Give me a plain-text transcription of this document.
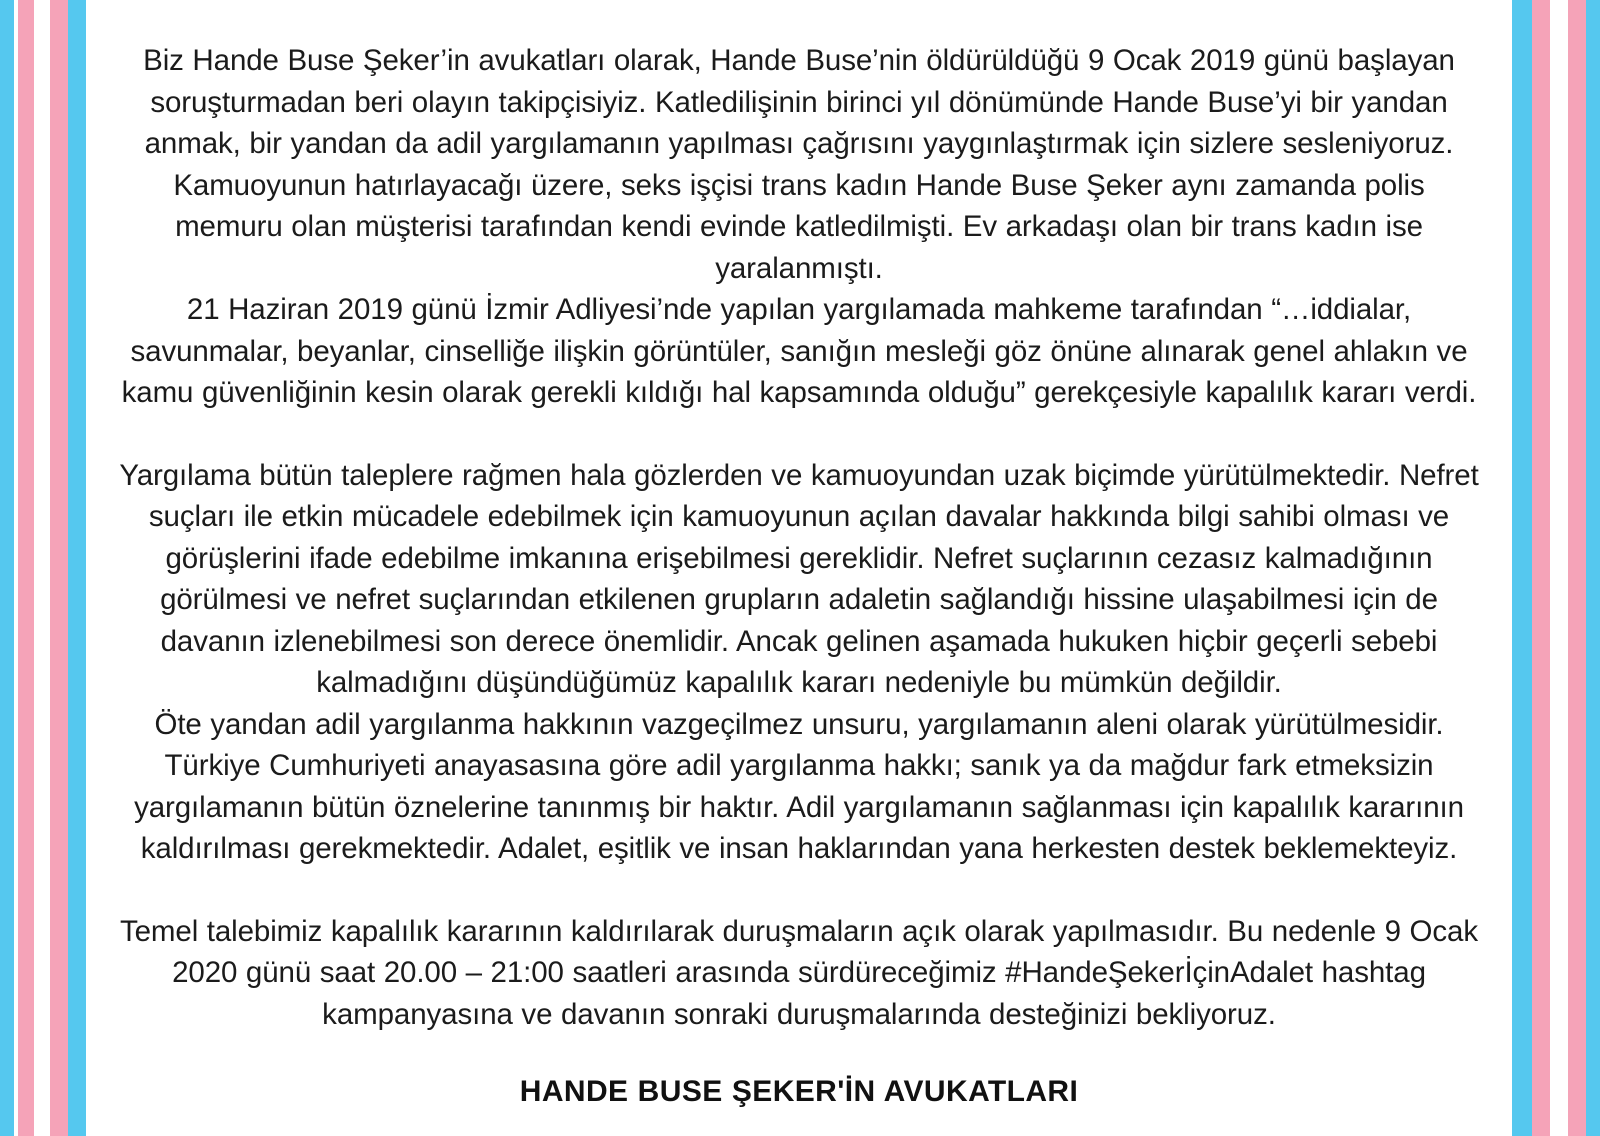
Biz Hande Buse Şeker’in avukatları olarak, Hande Buse’nin öldürüldüğü 9 Ocak 2019 günü başlayan soruşturmadan beri olayın takipçisiyiz. Katledilişinin birinci yıl dönümünde Hande Buse’yi bir yandan anmak, bir yandan da adil yargılamanın yapılması çağrısını yaygınlaştırmak için sizlere sesleniyoruz.
Kamuoyunun hatırlayacağı üzere, seks işçisi trans kadın Hande Buse Şeker aynı zamanda polis memuru olan müşterisi tarafından kendi evinde katledilmişti. Ev arkadaşı olan bir trans kadın ise yaralanmıştı.
21 Haziran 2019 günü İzmir Adliyesi’nde yapılan yargılamada mahkeme tarafından “…iddialar, savunmalar, beyanlar, cinselliğe ilişkin görüntüler, sanığın mesleği göz önüne alınarak genel ahlakın ve kamu güvenliğinin kesin olarak gerekli kıldığı hal kapsamında olduğu” gerekçesiyle kapalılık kararı verdi.

Yargılama bütün taleplere rağmen hala gözlerden ve kamuoyundan uzak biçimde yürütülmektedir. Nefret suçları ile etkin mücadele edebilmek için kamuoyunun açılan davalar hakkında bilgi sahibi olması ve görüşlerini ifade edebilme imkanına erişebilmesi gereklidir. Nefret suçlarının cezasız kalmadığının görülmesi ve nefret suçlarından etkilenen grupların adaletin sağlandığı hissine ulaşabilmesi için de davanın izlenebilmesi son derece önemlidir. Ancak gelinen aşamada hukuken hiçbir geçerli sebebi kalmadığını düşündüğümüz kapalılık kararı nedeniyle bu mümkün değildir.
Öte yandan adil yargılanma hakkının vazgeçilmez unsuru, yargılamanın aleni olarak yürütülmesidir.
Türkiye Cumhuriyeti anayasasına göre adil yargılanma hakkı; sanık ya da mağdur fark etmeksizin yargılamanın bütün öznelerine tanınmış bir haktır. Adil yargılamanın sağlanması için kapalılık kararının kaldırılması gerekmektedir. Adalet, eşitlik ve insan haklarından yana herkesten destek beklemekteyiz.

Temel talebimiz kapalılık kararının kaldırılarak duruşmaların açık olarak yapılmasıdır. Bu nedenle 9 Ocak 2020 günü saat 20.00 – 21:00 saatleri arasında sürdüreceğimiz #HandeŞekerİçinAdalet hashtag kampanyasına ve davanın sonraki duruşmalarında desteğinizi bekliyoruz.

HANDE BUSE ŞEKER'İN AVUKATLARI
